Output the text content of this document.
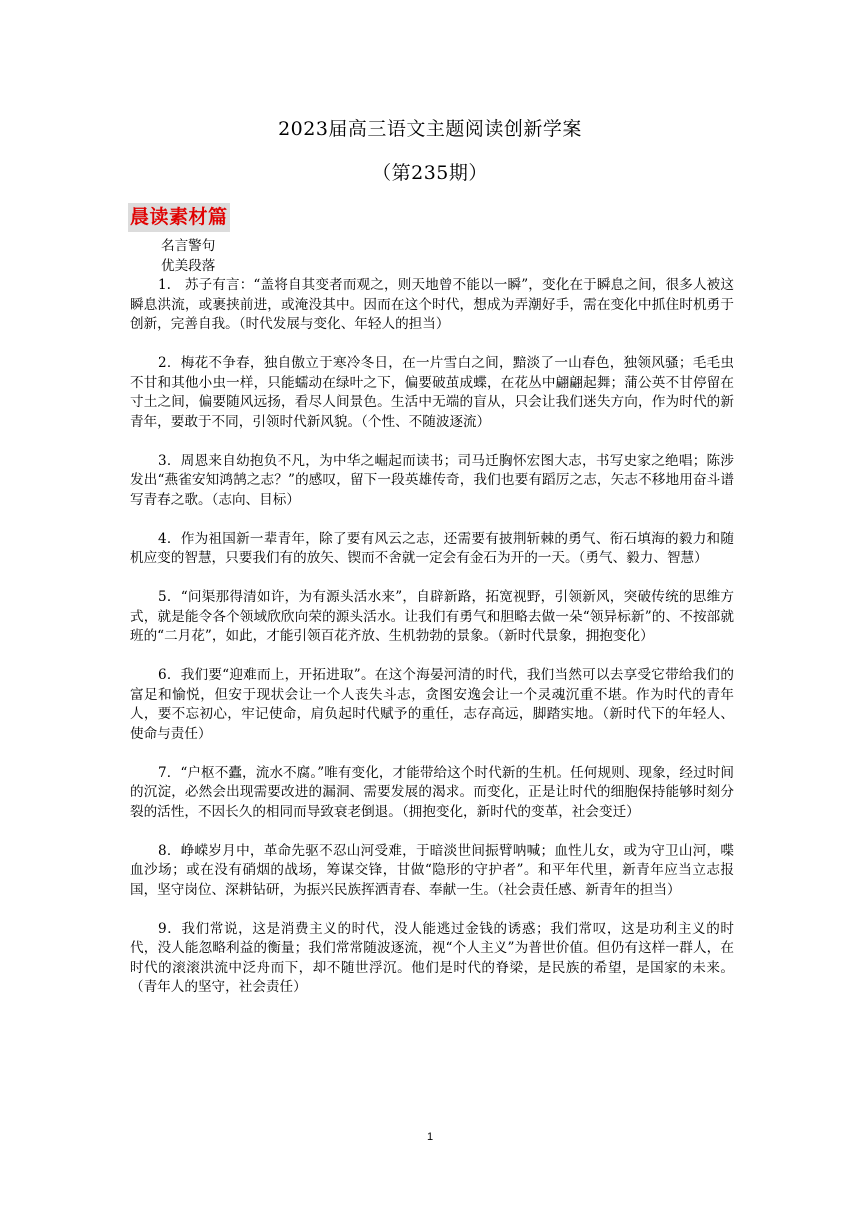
2023届高三语文主题阅读创新学案
（第235期）
晨读素材篇

名言警句

优美段落

1.　苏子有言：“盖将自其变者而观之，则天地曾不能以一瞬”，变化在于瞬息之间，很多人被这瞬息洪流，或裹挟前进，或淹没其中。因而在这个时代，想成为弄潮好手，需在变化中抓住时机勇于创新，完善自我。（时代发展与变化、年轻人的担当）

2．梅花不争春，独自傲立于寒冷冬日，在一片雪白之间，黯淡了一山春色，独领风骚；毛毛虫不甘和其他小虫一样，只能蠕动在绿叶之下，偏要破茧成蝶，在花丛中翩翩起舞；蒲公英不甘停留在寸土之间，偏要随风远扬，看尽人间景色。生活中无端的盲从，只会让我们迷失方向，作为时代的新青年，要敢于不同，引领时代新风貌。（个性、不随波逐流）

3．周恩来自幼抱负不凡，为中华之崛起而读书；司马迁胸怀宏图大志，书写史家之绝唱；陈涉发出“燕雀安知鸿鹄之志？”的感叹，留下一段英雄传奇，我们也要有蹈厉之志，矢志不移地用奋斗谱写青春之歌。（志向、目标）

4．作为祖国新一辈青年，除了要有风云之志，还需要有披荆斩棘的勇气、衔石填海的毅力和随机应变的智慧，只要我们有的放矢、锲而不舍就一定会有金石为开的一天。（勇气、毅力、智慧）

5．“问渠那得清如许，为有源头活水来”，自辟新路，拓宽视野，引领新风，突破传统的思维方式，就是能令各个领域欣欣向荣的源头活水。让我们有勇气和胆略去做一朵“领异标新”的、不按部就班的“二月花”，如此，才能引领百花齐放、生机勃勃的景象。（新时代景象，拥抱变化）

6．我们要“迎难而上，开拓进取”。在这个海晏河清的时代，我们当然可以去享受它带给我们的富足和愉悦，但安于现状会让一个人丧失斗志，贪图安逸会让一个灵魂沉重不堪。作为时代的青年人，要不忘初心，牢记使命，肩负起时代赋予的重任，志存高远，脚踏实地。（新时代下的年轻人、使命与责任）

7．“户枢不蠹，流水不腐。”唯有变化，才能带给这个时代新的生机。任何规则、现象，经过时间的沉淀，必然会出现需要改进的漏洞、需要发展的渴求。而变化，正是让时代的细胞保持能够时刻分裂的活性，不因长久的相同而导致衰老倒退。（拥抱变化，新时代的变革，社会变迁）

8．峥嵘岁月中，革命先驱不忍山河受难，于暗淡世间振臂呐喊；血性儿女，或为守卫山河，喋血沙场；或在没有硝烟的战场，筹谋交锋，甘做“隐形的守护者”。和平年代里，新青年应当立志报国，坚守岗位、深耕钻研，为振兴民族挥洒青春、奉献一生。（社会责任感、新青年的担当）

9．我们常说，这是消费主义的时代，没人能逃过金钱的诱惑；我们常叹，这是功利主义的时代，没人能忽略利益的衡量；我们常常随波逐流，视“个人主义”为普世价值。但仍有这样一群人，在时代的滚滚洪流中泛舟而下，却不随世浮沉。他们是时代的脊梁，是民族的希望，是国家的未来。（青年人的坚守，社会责任）

1
